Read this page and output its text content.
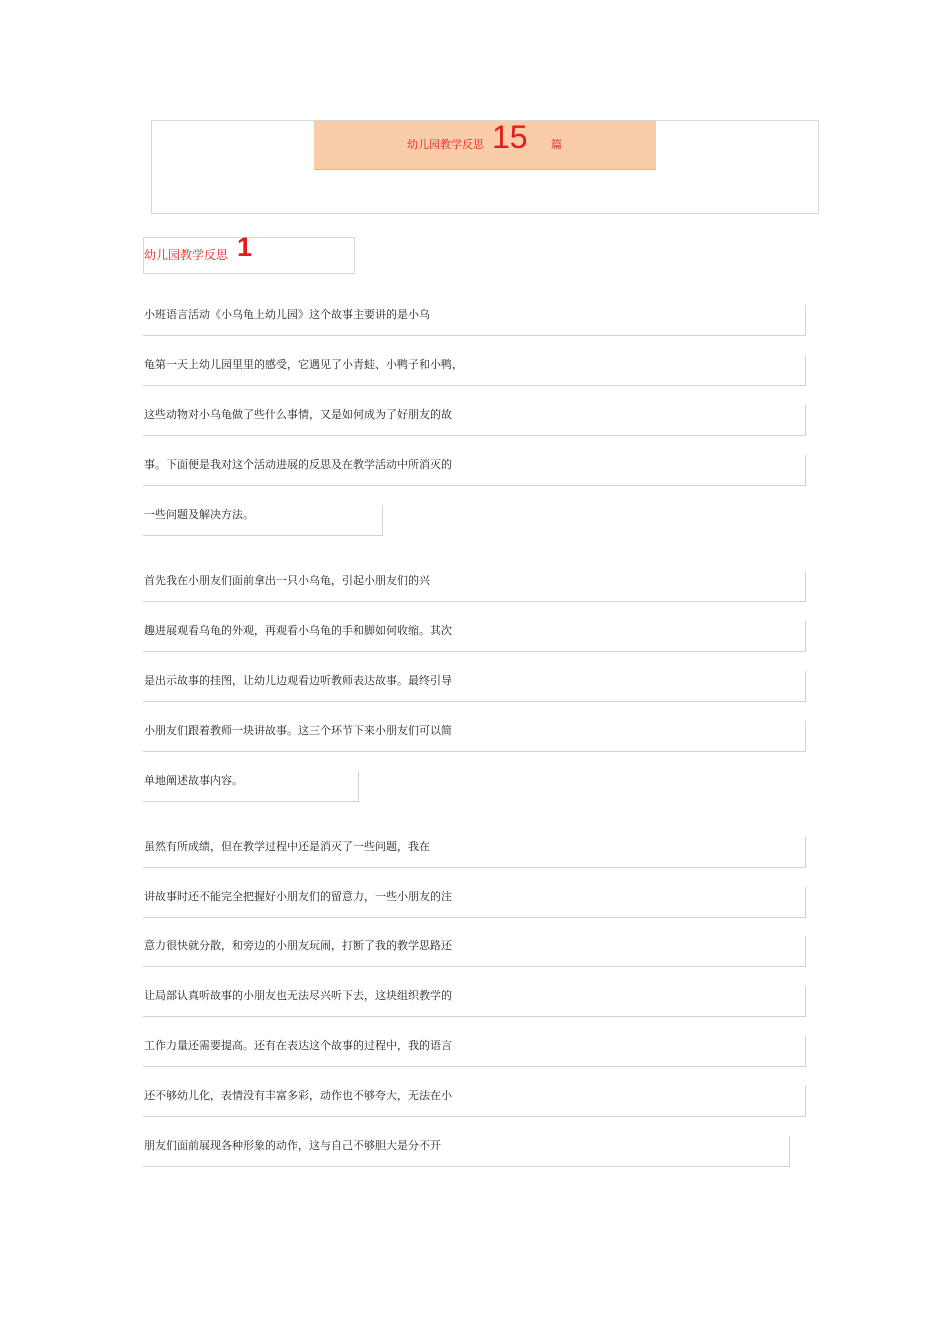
幼儿园教学反思 15 篇
幼儿园教学反思 1
小班语言活动《小乌龟上幼儿园》这个故事主要讲的是小乌
龟第一天上幼儿园里里的感受，它遇见了小青蛙、小鸭子和小鸭，
这些动物对小乌龟做了些什么事情，又是如何成为了好朋友的故
事。下面便是我对这个活动进展的反思及在教学活动中所消灭的
一些问题及解决方法。
首先我在小朋友们面前拿出一只小乌龟，引起小朋友们的兴
趣进展观看乌龟的外观，再观看小乌龟的手和脚如何收缩。其次
是出示故事的挂图，让幼儿边观看边听教师表达故事。最终引导
小朋友们跟着教师一块讲故事。这三个环节下来小朋友们可以简
单地阐述故事内容。
虽然有所成绩，但在教学过程中还是消灭了一些问题，我在
讲故事时还不能完全把握好小朋友们的留意力，一些小朋友的注
意力很快就分散，和旁边的小朋友玩闹，打断了我的教学思路还
让局部认真听故事的小朋友也无法尽兴听下去，这块组织教学的
工作力量还需要提高。还有在表达这个故事的过程中，我的语言
还不够幼儿化，表情没有丰富多彩，动作也不够夸大，无法在小
朋友们面前展现各种形象的动作，这与自己不够胆大是分不开
